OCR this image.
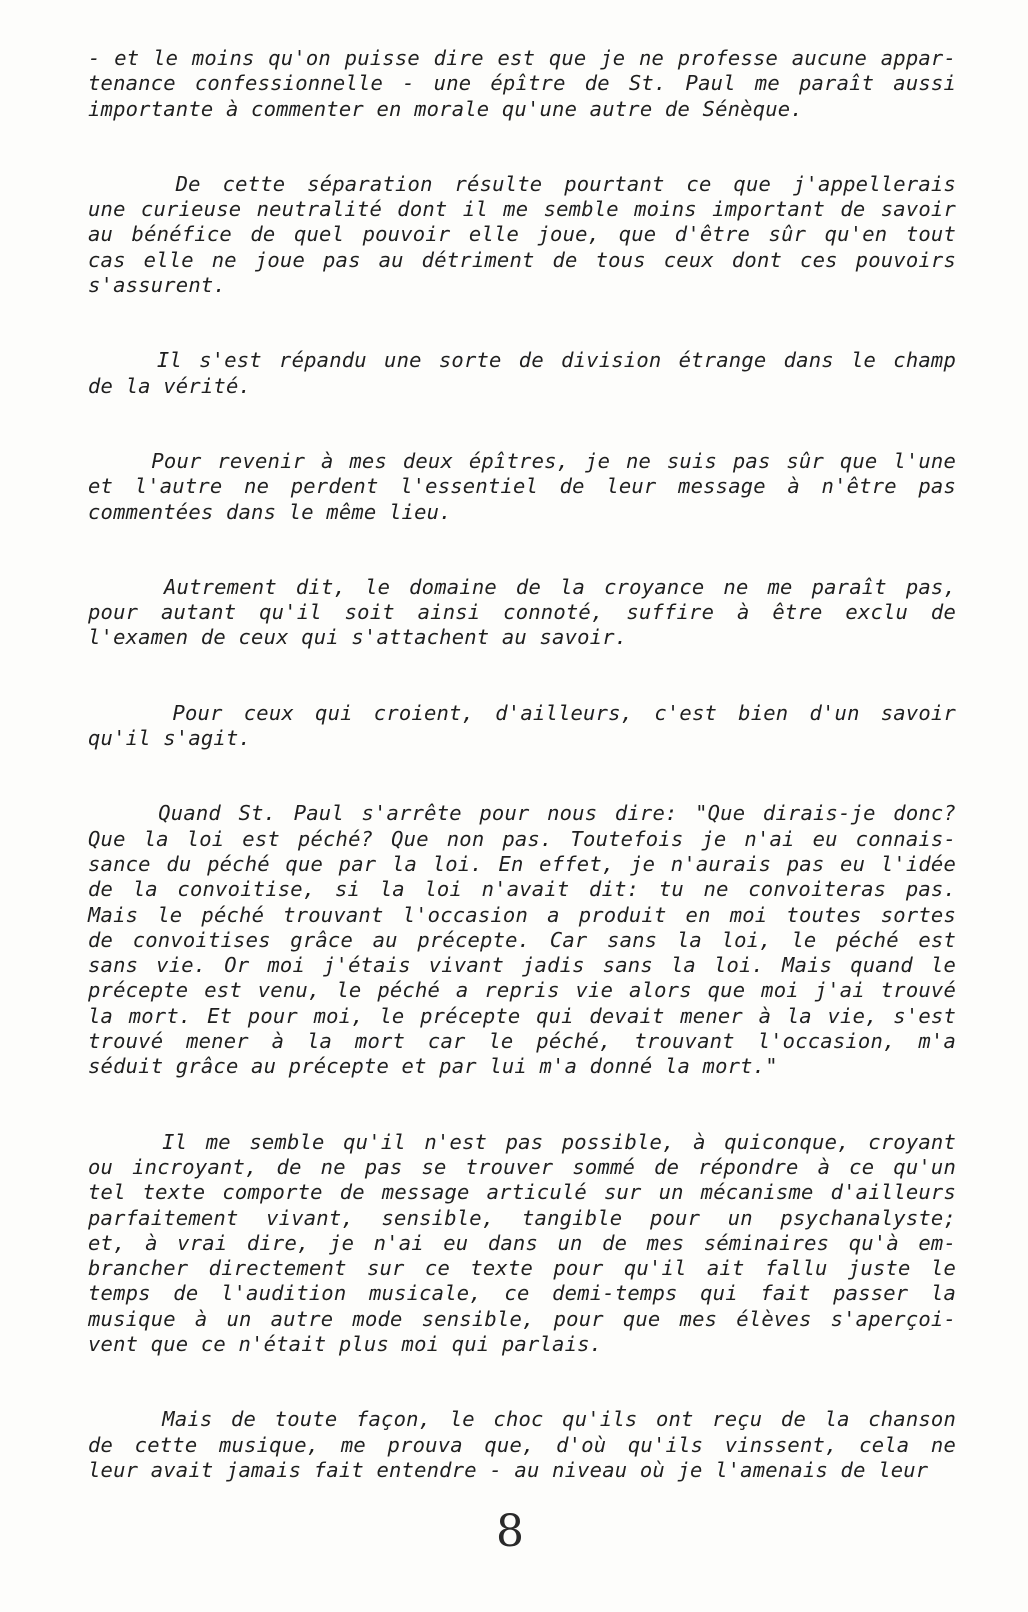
- et le moins qu'on puisse dire est que je ne professe aucune appar-
tenance confessionnelle - une épître de St. Paul me paraît aussi
importante à commenter en morale qu'une autre de Sénèque.
De cette séparation résulte pourtant ce que j'appellerais
une curieuse neutralité dont il me semble moins important de savoir
au bénéfice de quel pouvoir elle joue, que d'être sûr qu'en tout
cas elle ne joue pas au détriment de tous ceux dont ces pouvoirs
s'assurent.
Il s'est répandu une sorte de division étrange dans le champ
de la vérité.
Pour revenir à mes deux épîtres, je ne suis pas sûr que l'une
et l'autre ne perdent l'essentiel de leur message à n'être pas
commentées dans le même lieu.
Autrement dit, le domaine de la croyance ne me paraît pas,
pour autant qu'il soit ainsi connoté, suffire à être exclu de
l'examen de ceux qui s'attachent au savoir.
Pour ceux qui croient, d'ailleurs, c'est bien d'un savoir
qu'il s'agit.
Quand St. Paul s'arrête pour nous dire: "Que dirais-je donc?
Que la loi est péché? Que non pas. Toutefois je n'ai eu connais-
sance du péché que par la loi. En effet, je n'aurais pas eu l'idée
de la convoitise, si la loi n'avait dit: tu ne convoiteras pas.
Mais le péché trouvant l'occasion a produit en moi toutes sortes
de convoitises grâce au précepte. Car sans la loi, le péché est
sans vie. Or moi j'étais vivant jadis sans la loi. Mais quand le
précepte est venu, le péché a repris vie alors que moi j'ai trouvé
la mort. Et pour moi, le précepte qui devait mener à la vie, s'est
trouvé mener à la mort car le péché, trouvant l'occasion, m'a
séduit grâce au précepte et par lui m'a donné la mort."
Il me semble qu'il n'est pas possible, à quiconque, croyant
ou incroyant, de ne pas se trouver sommé de répondre à ce qu'un
tel texte comporte de message articulé sur un mécanisme d'ailleurs
parfaitement vivant, sensible, tangible pour un psychanalyste;
et, à vrai dire, je n'ai eu dans un de mes séminaires qu'à em-
brancher directement sur ce texte pour qu'il ait fallu juste le
temps de l'audition musicale, ce demi-temps qui fait passer la
musique à un autre mode sensible, pour que mes élèves s'aperçoi-
vent que ce n'était plus moi qui parlais.
Mais de toute façon, le choc qu'ils ont reçu de la chanson
de cette musique, me prouva que, d'où qu'ils vinssent, cela ne
leur avait jamais fait entendre - au niveau où je l'amenais de leur
8
